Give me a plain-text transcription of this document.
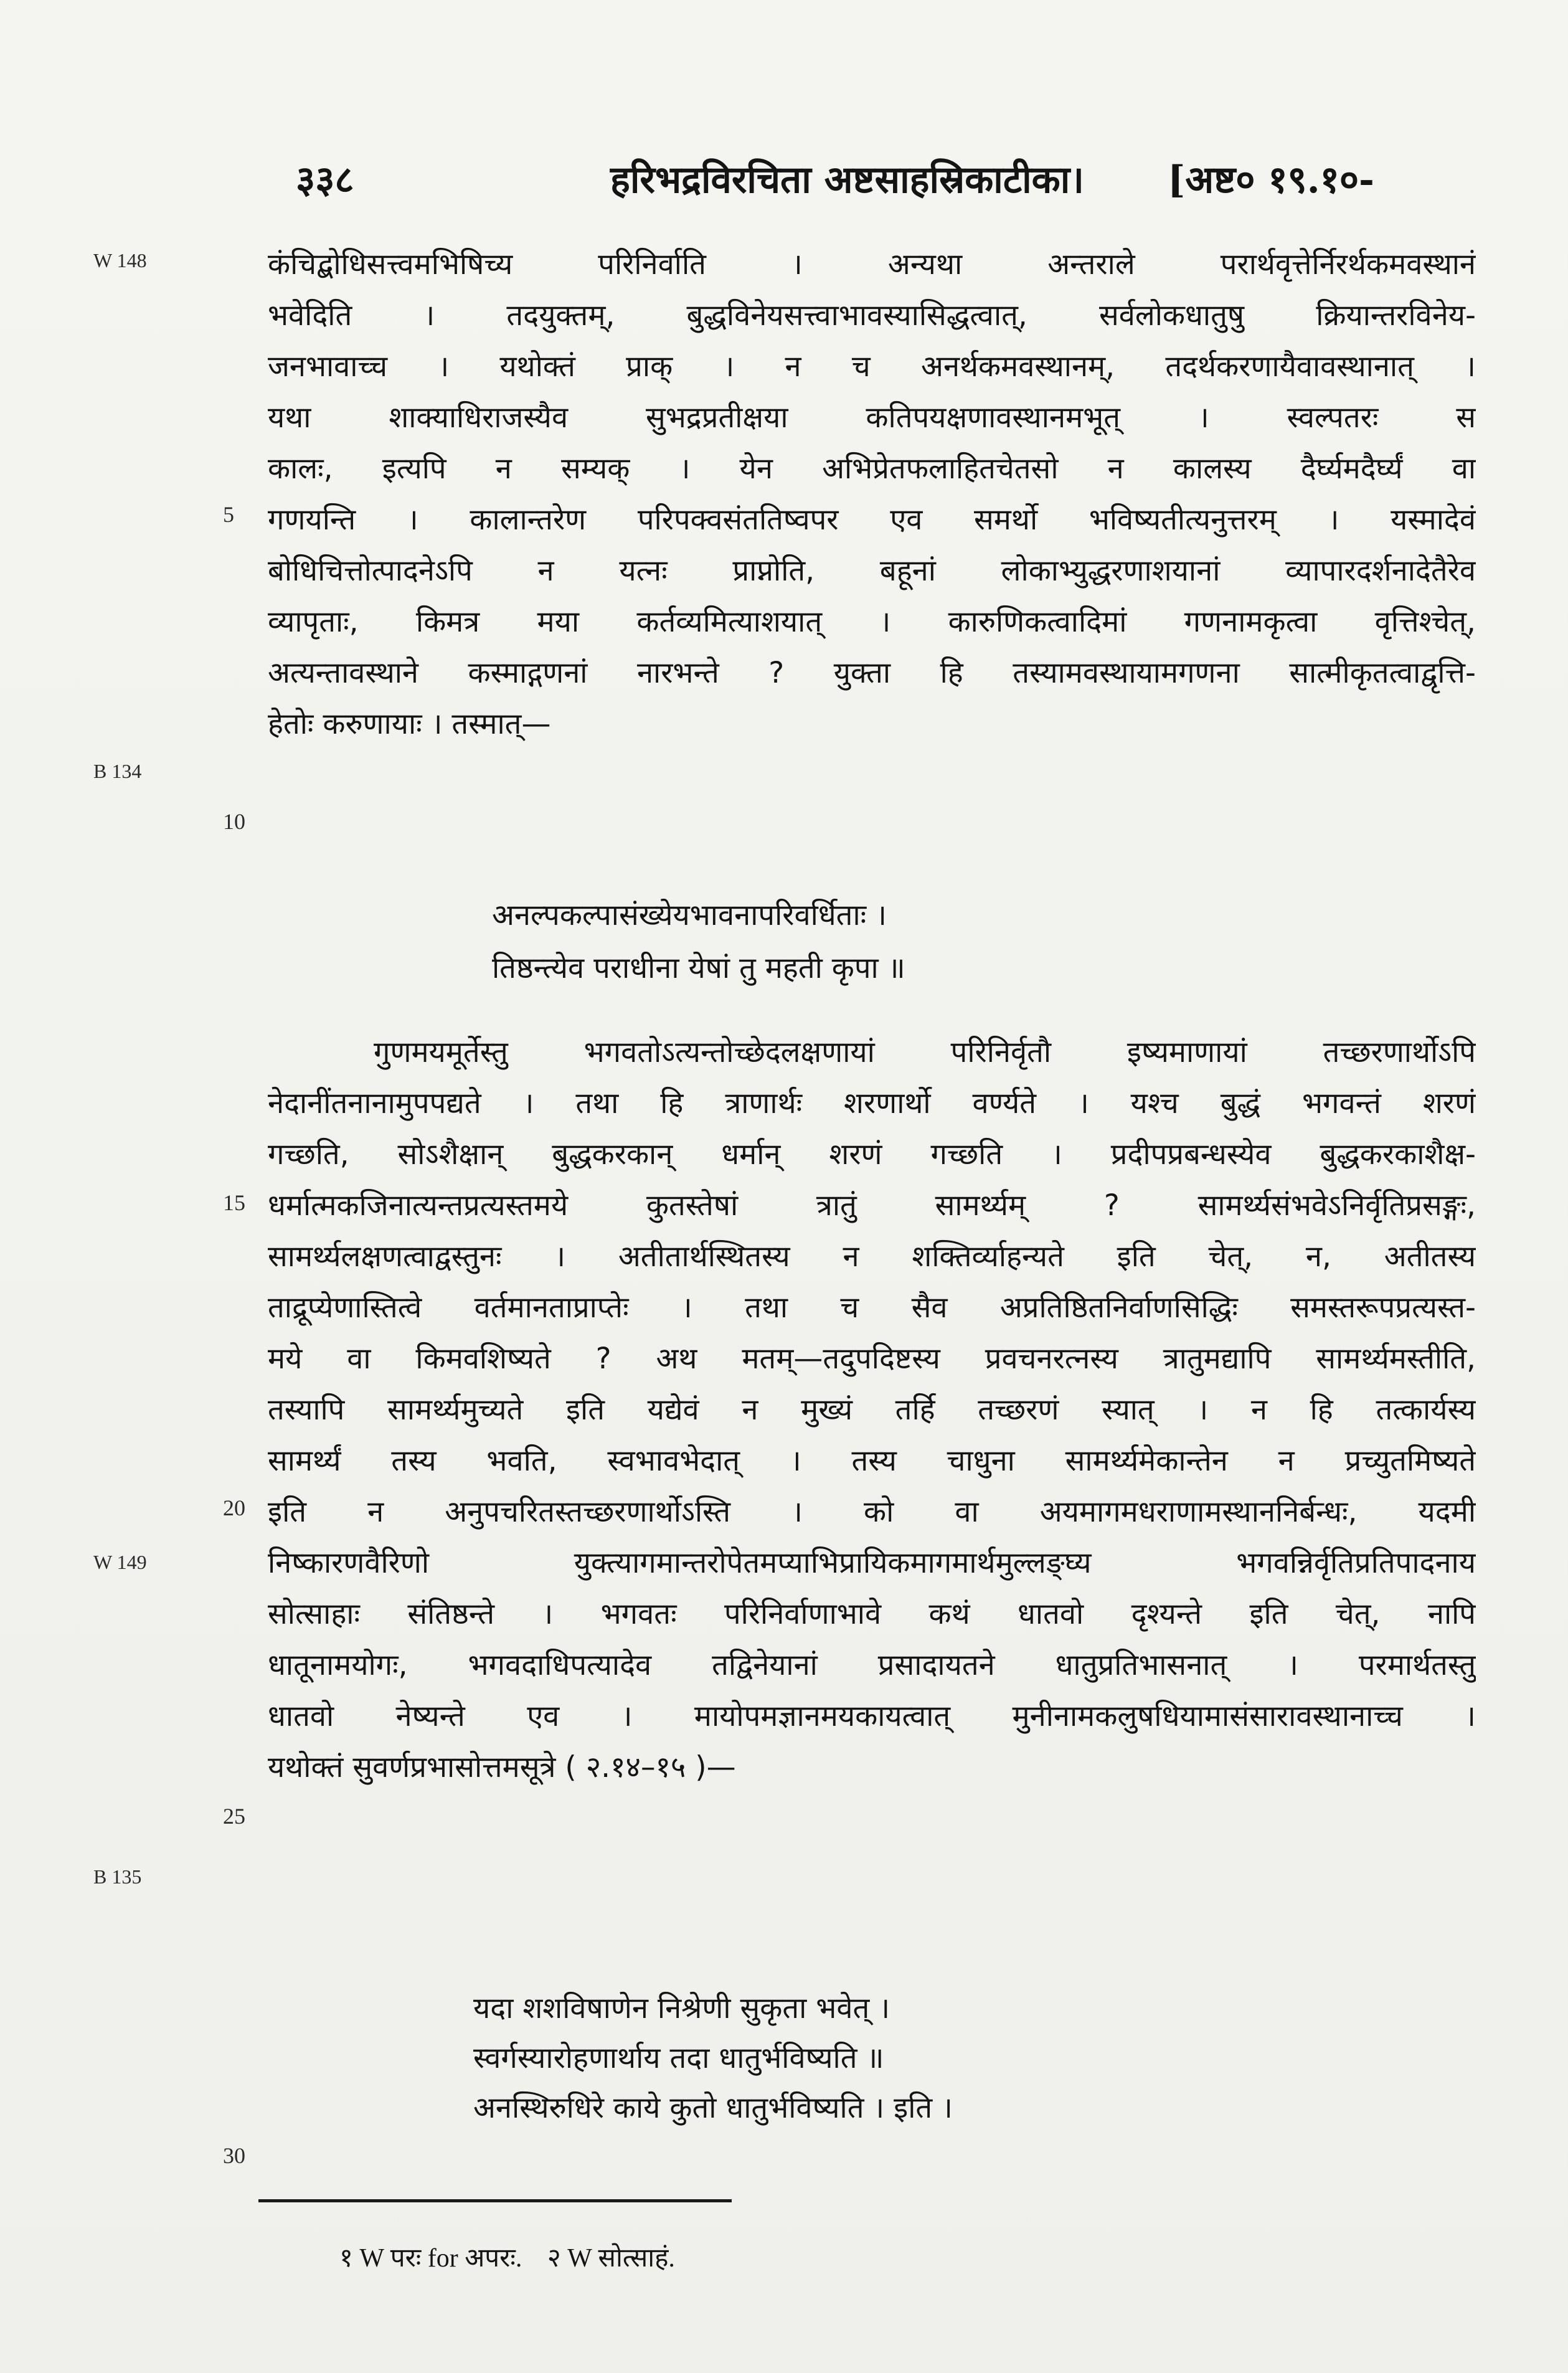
३३८	हरिभद्रविरचिता अष्टसाहस्रिकाटीका। [अष्ट० १९.१०-
W 148
B 134
W 149
B 135
5
10
15
20
25
30
कंचिद्बोधिसत्त्वमभिषिच्य परिनिर्वाति । अन्यथा अन्तराले परार्थवृत्तेर्निरर्थकमवस्थानं
भवेदिति । तदयुक्तम्, बुद्धविनेयसत्त्वाभावस्यासिद्धत्वात्, सर्वलोकधातुषु क्रियान्तरविनेय-
जनभावाच्च । यथोक्तं प्राक् । न च अनर्थकमवस्थानम्, तदर्थकरणायैवावस्थानात् ।
यथा शाक्याधिराजस्यैव सुभद्रप्रतीक्षया कतिपयक्षणावस्थानमभूत् । स्वल्पतरः स
कालः, इत्यपि न सम्यक् । येन अभिप्रेतफलाहितचेतसो न कालस्य दैर्घ्यमदैर्घ्यं वा
गणयन्ति । कालान्तरेण परिपक्वसंततिष्वपर एव समर्थो भविष्यतीत्यनुत्तरम् । यस्मादेवं
बोधिचित्तोत्पादनेऽपि न यत्नः प्राप्नोति, बहूनां लोकाभ्युद्धरणाशयानां व्यापारदर्शनादेतैरेव
व्यापृताः, किमत्र मया कर्तव्यमित्याशयात् । कारुणिकत्वादिमां गणनामकृत्वा वृत्तिश्चेत्,
अत्यन्तावस्थाने कस्माद्गणनां नारभन्ते ? युक्ता हि तस्यामवस्थायामगणना सात्मीकृतत्वाद्वृत्ति-
हेतोः करुणायाः । तस्मात्—
अनल्पकल्पासंख्येयभावनापरिवर्धिताः ।
तिष्ठन्त्येव पराधीना येषां तु महती कृपा ॥
गुणमयमूर्तेस्तु भगवतोऽत्यन्तोच्छेदलक्षणायां परिनिर्वृतौ इष्यमाणायां तच्छरणार्थोऽपि
नेदानींतनानामुपपद्यते । तथा हि त्राणार्थः शरणार्थो वर्ण्यते । यश्च बुद्धं भगवन्तं शरणं
गच्छति, सोऽशैक्षान् बुद्धकरकान् धर्मान् शरणं गच्छति । प्रदीपप्रबन्धस्येव बुद्धकरकाशैक्ष-
धर्मात्मकजिनात्यन्तप्रत्यस्तमये कुतस्तेषां त्रातुं सामर्थ्यम् ? सामर्थ्यसंभवेऽनिर्वृतिप्रसङ्गः,
सामर्थ्यलक्षणत्वाद्वस्तुनः । अतीतार्थस्थितस्य न शक्तिर्व्याहन्यते इति चेत्, न, अतीतस्य
ताद्रूप्येणास्तित्वे वर्तमानताप्राप्तेः । तथा च सैव अप्रतिष्ठितनिर्वाणसिद्धिः समस्तरूपप्रत्यस्त-
मये वा किमवशिष्यते ? अथ मतम्—तदुपदिष्टस्य प्रवचनरत्नस्य त्रातुमद्यापि सामर्थ्यमस्तीति,
तस्यापि सामर्थ्यमुच्यते इति यद्येवं न मुख्यं तर्हि तच्छरणं स्यात् । न हि तत्कार्यस्य
सामर्थ्यं तस्य भवति, स्वभावभेदात् । तस्य चाधुना सामर्थ्यमेकान्तेन न प्रच्युतमिष्यते
इति न अनुपचरितस्तच्छरणार्थोऽस्ति । को वा अयमागमधराणामस्थाननिर्बन्धः, यदमी
निष्कारणवैरिणो युक्त्यागमान्तरोपेतमप्याभिप्रायिकमागमार्थमुल्लङ्घ्य भगवन्निर्वृतिप्रतिपादनाय
सोत्साहाः संतिष्ठन्ते । भगवतः परिनिर्वाणाभावे कथं धातवो दृश्यन्ते इति चेत्, नापि
धातूनामयोगः, भगवदाधिपत्यादेव तद्विनेयानां प्रसादायतने धातुप्रतिभासनात् । परमार्थतस्तु
धातवो नेष्यन्ते एव । मायोपमज्ञानमयकायत्वात् मुनीनामकलुषधियामासंसारावस्थानाच्च ।
यथोक्तं सुवर्णप्रभासोत्तमसूत्रे ( २.१४–१५ )—
यदा शशविषाणेन निश्रेणी सुकृता भवेत् ।
स्वर्गस्यारोहणार्थाय तदा धातुर्भविष्यति ॥
अनस्थिरुधिरे काये कुतो धातुर्भविष्यति । इति ।
१ W परः for अपरः. २ W सोत्साहं.
